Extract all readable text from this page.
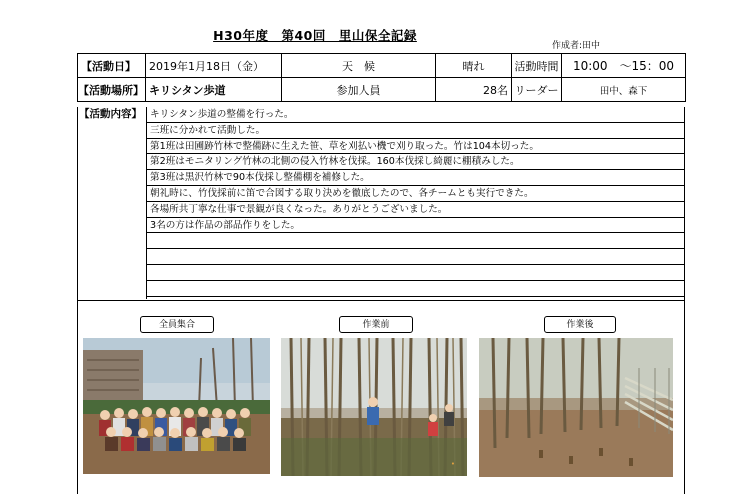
H30年度　第40回　里山保全記録
作成者:田中
【活動日】	2019年1月18日（金）	天　候	晴れ	活動時間	10:00　～15：00
【活動場所】	キリシタン歩道	参加人員	28名	リーダー	田中、森下
【活動内容】 キリシタン歩道の整備を行った。
三班に分かれて活動した。
第1班は田圃跡竹林で整備跡に生えた笹、草を刈払い機で刈り取った。竹は104本切った。
第2班はモニタリング竹林の北側の侵入竹林を伐採。160本伐採し綺麗に棚積みした。
第3班は黒沢竹林で90本伐採し整備棚を補修した。
朝礼時に、竹伐採前に笛で合図する取り決めを徹底したので、各チームとも実行できた。
各場所共丁寧な仕事で景観が良くなった。ありがとうございました。
3名の方は作品の部品作りをした。
全員集合	作業前	作業後
•
